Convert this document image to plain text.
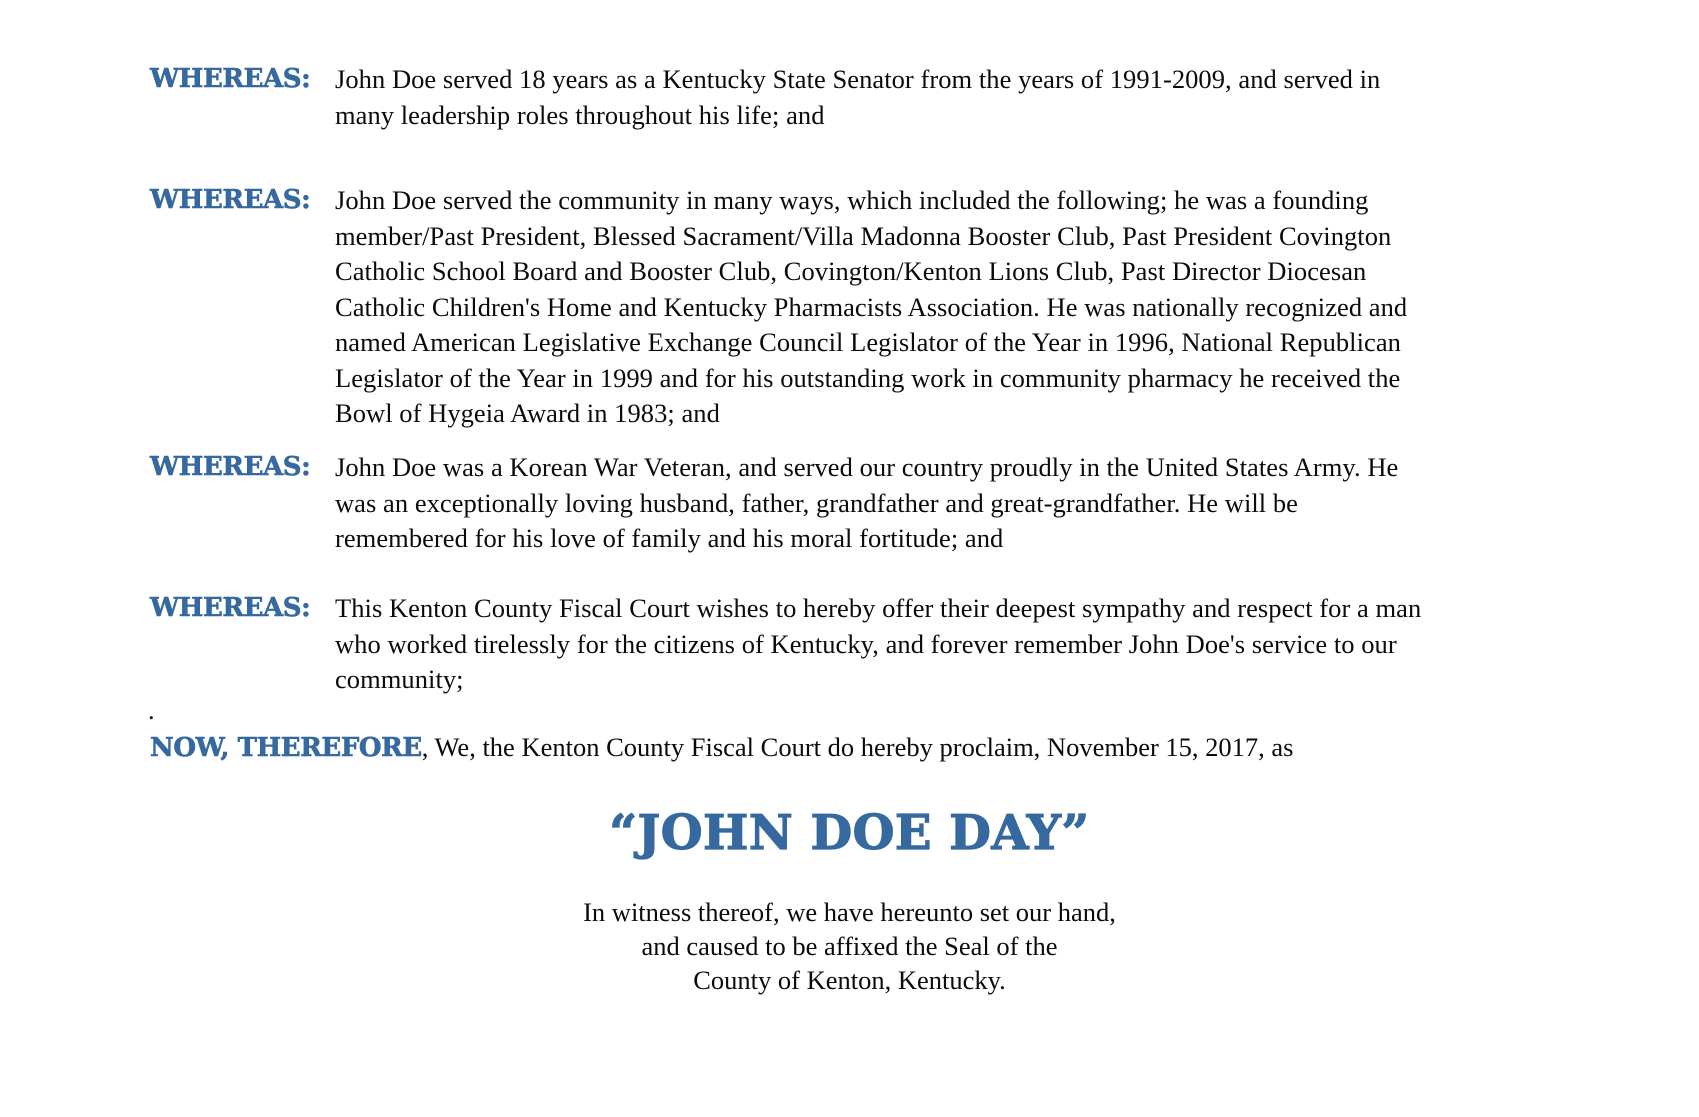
WHEREAS: John Doe served 18 years as a Kentucky State Senator from the years of 1991-2009, and served in many leadership roles throughout his life; and
WHEREAS: John Doe served the community in many ways, which included the following; he was a founding member/Past President, Blessed Sacrament/Villa Madonna Booster Club, Past President Covington Catholic School Board and Booster Club, Covington/Kenton Lions Club, Past Director Diocesan Catholic Children's Home and Kentucky Pharmacists Association. He was nationally recognized and named American Legislative Exchange Council Legislator of the Year in 1996, National Republican Legislator of the Year in 1999 and for his outstanding work in community pharmacy he received the Bowl of Hygeia Award in 1983; and
WHEREAS: John Doe was a Korean War Veteran, and served our country proudly in the United States Army. He was an exceptionally loving husband, father, grandfather and great-grandfather. He will be remembered for his love of family and his moral fortitude; and
WHEREAS: This Kenton County Fiscal Court wishes to hereby offer their deepest sympathy and respect for a man who worked tirelessly for the citizens of Kentucky, and forever remember John Doe's service to our community;
.
NOW, THEREFORE, We, the Kenton County Fiscal Court do hereby proclaim, November 15, 2017, as
“JOHN DOE DAY”
In witness thereof, we have hereunto set our hand,
and caused to be affixed the Seal of the
County of Kenton, Kentucky.
